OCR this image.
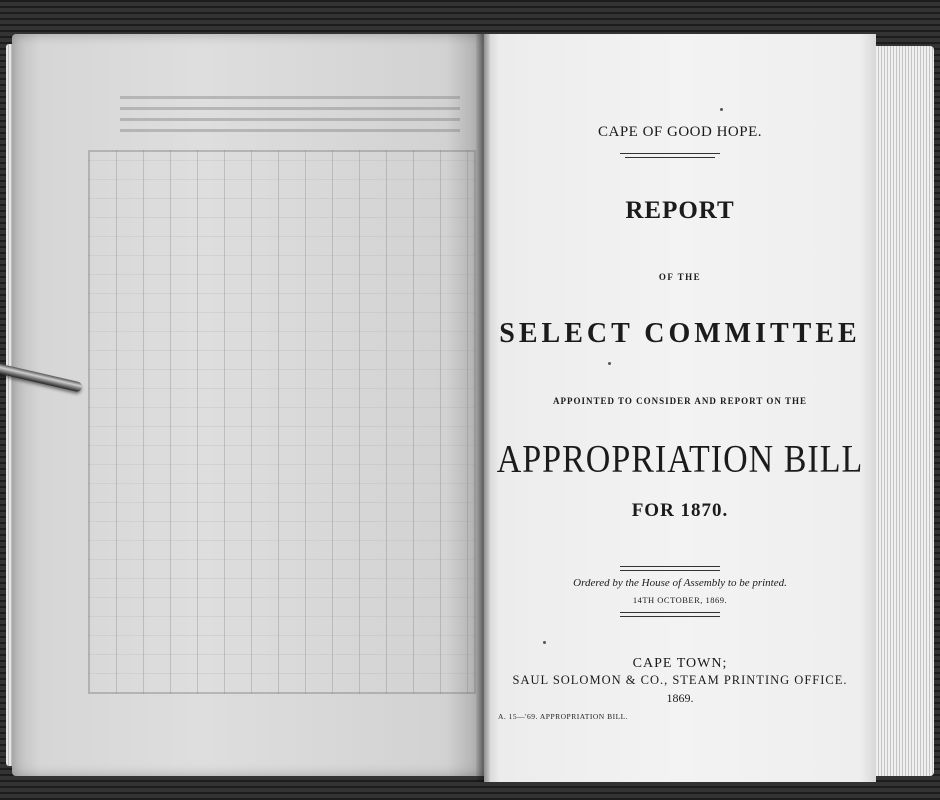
CAPE OF GOOD HOPE.

REPORT

OF THE

SELECT COMMITTEE

APPOINTED TO CONSIDER AND REPORT ON THE

APPROPRIATION BILL

FOR 1870.

Ordered by the House of Assembly to be printed.

14TH OCTOBER, 1869.

CAPE TOWN;

SAUL SOLOMON & CO., STEAM PRINTING OFFICE.

1869.

A. 15—'69. APPROPRIATION BILL.
